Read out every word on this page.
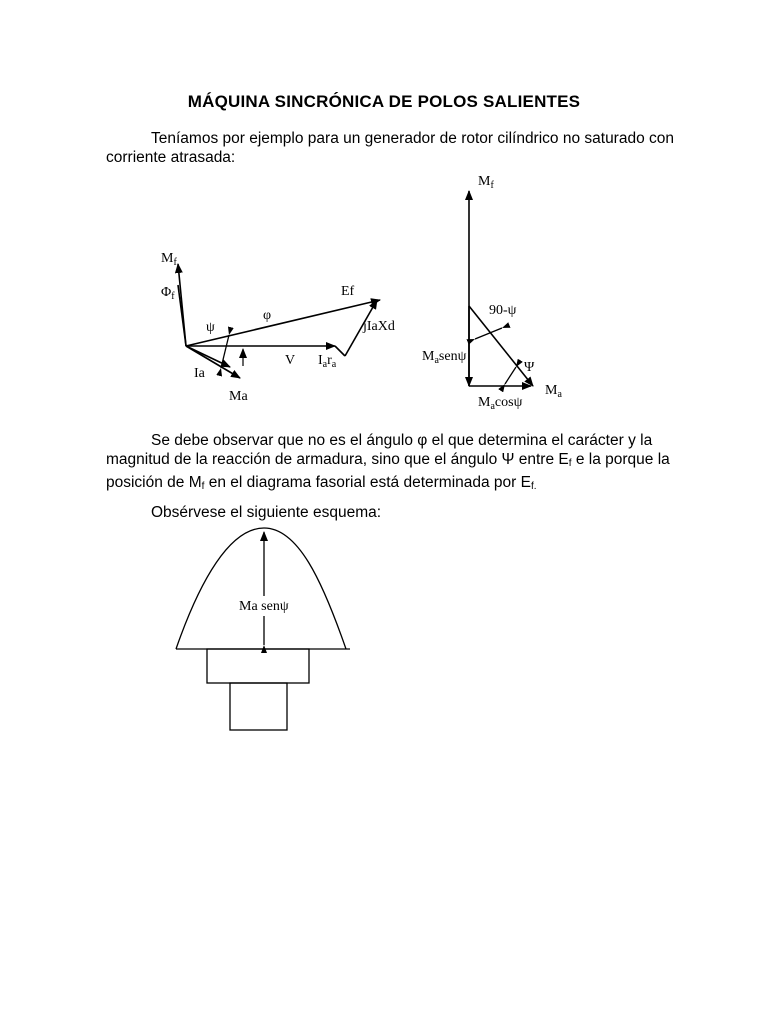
MÁQUINA SINCRÓNICA DE POLOS SALIENTES
Teníamos por ejemplo para un generador de rotor cilíndrico no saturado con
corriente atrasada:
Se debe observar que no es el ángulo φ el que determina el carácter y la
magnitud de la reacción de armadura, sino que el ángulo Ψ entre $E_f$ e la porque la
posición de $M_f$ en el diagrama fasorial está determinada por $E_{f.}$
Obsérvese el siguiente esquema:
$M_f$
$\Phi_f$
ψ
φ
Ef
jIaXd
V $I_ar_a$
Ia
Ma
$M_f$
90-ψ
$M_asen\psi$
Ψ
$M_a$
$M_a\cos\psi$
Ma senψ
